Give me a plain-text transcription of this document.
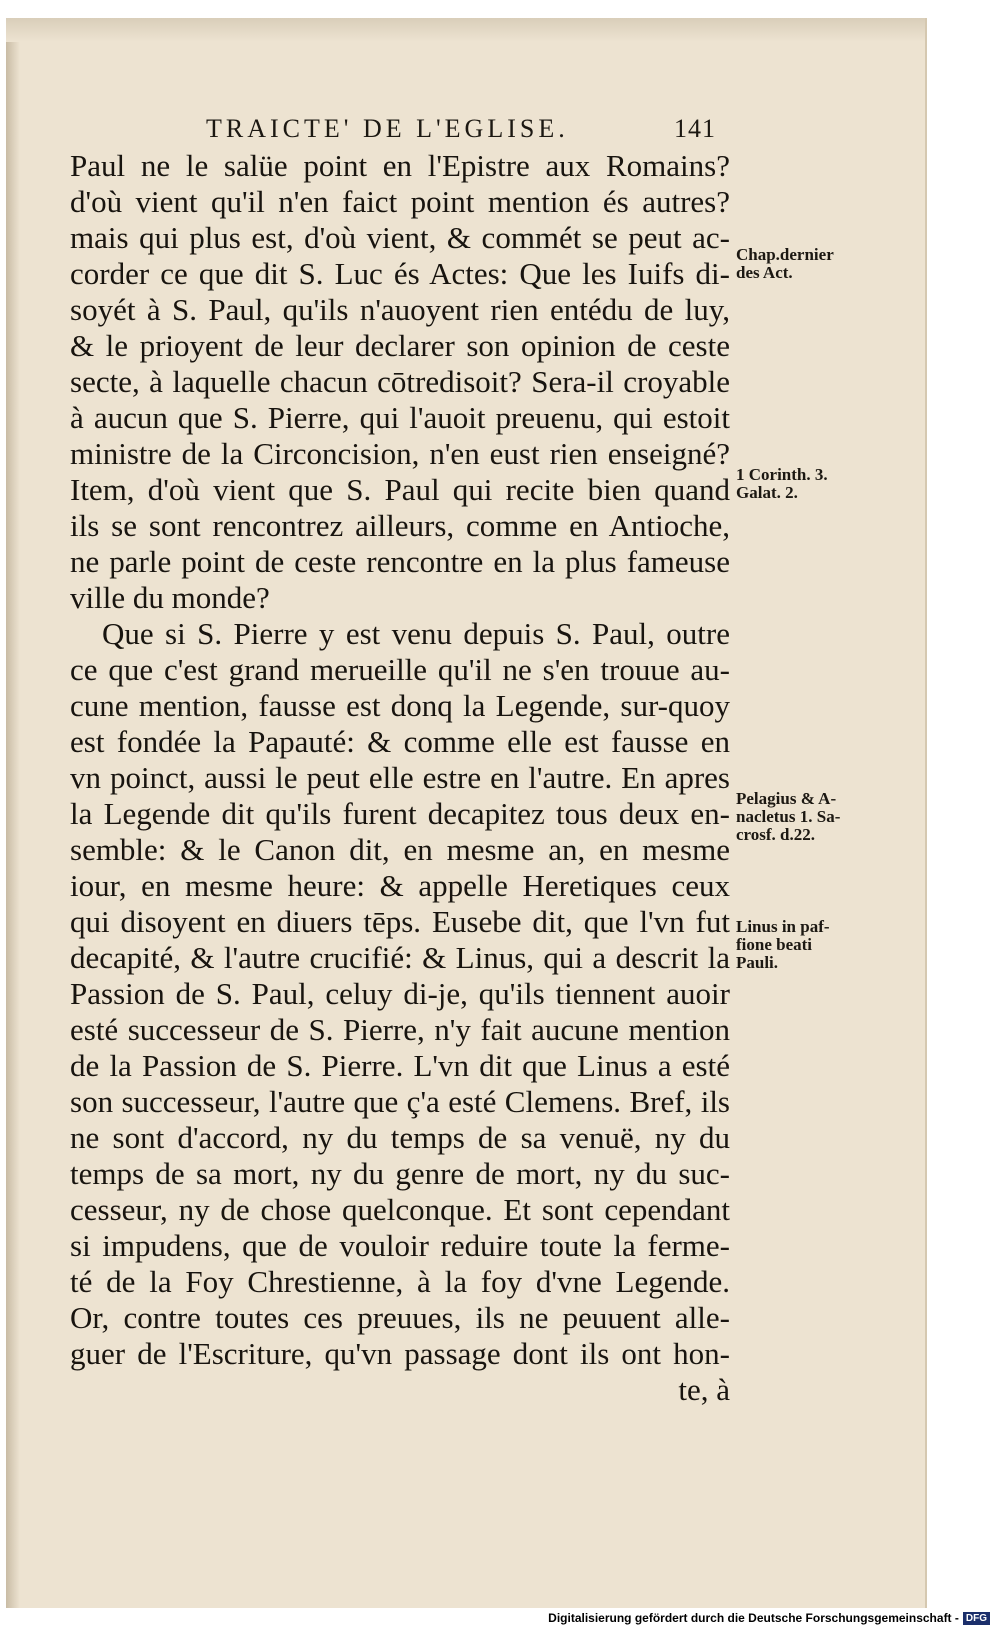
TRAICTE' DE L'EGLISE.	141
Paul ne le salüe point en l'Epistre aux Romains?
d'où vient qu'il n'en faict point mention és autres?
mais qui plus est, d'où vient, & commét se peut ac-
corder ce que dit S. Luc és Actes: Que les Iuifs di-
soyét à S. Paul, qu'ils n'auoyent rien entédu de luy,
& le prioyent de leur declarer son opinion de ceste
secte, à laquelle chacun cōtredisoit? Sera-il croyable
à aucun que S. Pierre, qui l'auoit preuenu, qui estoit
ministre de la Circoncision, n'en eust rien enseigné?
Item, d'où vient que S. Paul qui recite bien quand
ils se sont rencontrez ailleurs, comme en Antioche,
ne parle point de ceste rencontre en la plus fameuse
ville du monde?
Que si S. Pierre y est venu depuis S. Paul, outre
ce que c'est grand merueille qu'il ne s'en trouue au-
cune mention, fausse est donq la Legende, sur-quoy
est fondée la Papauté: & comme elle est fausse en
vn poinct, aussi le peut elle estre en l'autre. En apres
la Legende dit qu'ils furent decapitez tous deux en-
semble: & le Canon dit, en mesme an, en mesme
iour, en mesme heure: & appelle Heretiques ceux
qui disoyent en diuers tēps. Eusebe dit, que l'vn fut
decapité, & l'autre crucifié: & Linus, qui a descrit la
Passion de S. Paul, celuy di-je, qu'ils tiennent auoir
esté successeur de S. Pierre, n'y fait aucune mention
de la Passion de S. Pierre. L'vn dit que Linus a esté
son successeur, l'autre que ç'a esté Clemens. Bref, ils
ne sont d'accord, ny du temps de sa venuë, ny du
temps de sa mort, ny du genre de mort, ny du suc-
cesseur, ny de chose quelconque. Et sont cependant
si impudens, que de vouloir reduire toute la ferme-
té de la Foy Chrestienne, à la foy d'vne Legende.
Or, contre toutes ces preuues, ils ne peuuent alle-
guer de l'Escriture, qu'vn passage dont ils ont hon-
te, à
Chap.dernier
des Act.
1 Corinth. 3.
Galat. 2.
Pelagius & A-
nacletus 1. Sa-
crosf. d.22.
Linus in paf-
fione beati
Pauli.
Digitalisierung gefördert durch die Deutsche Forschungsgemeinschaft - DFG
